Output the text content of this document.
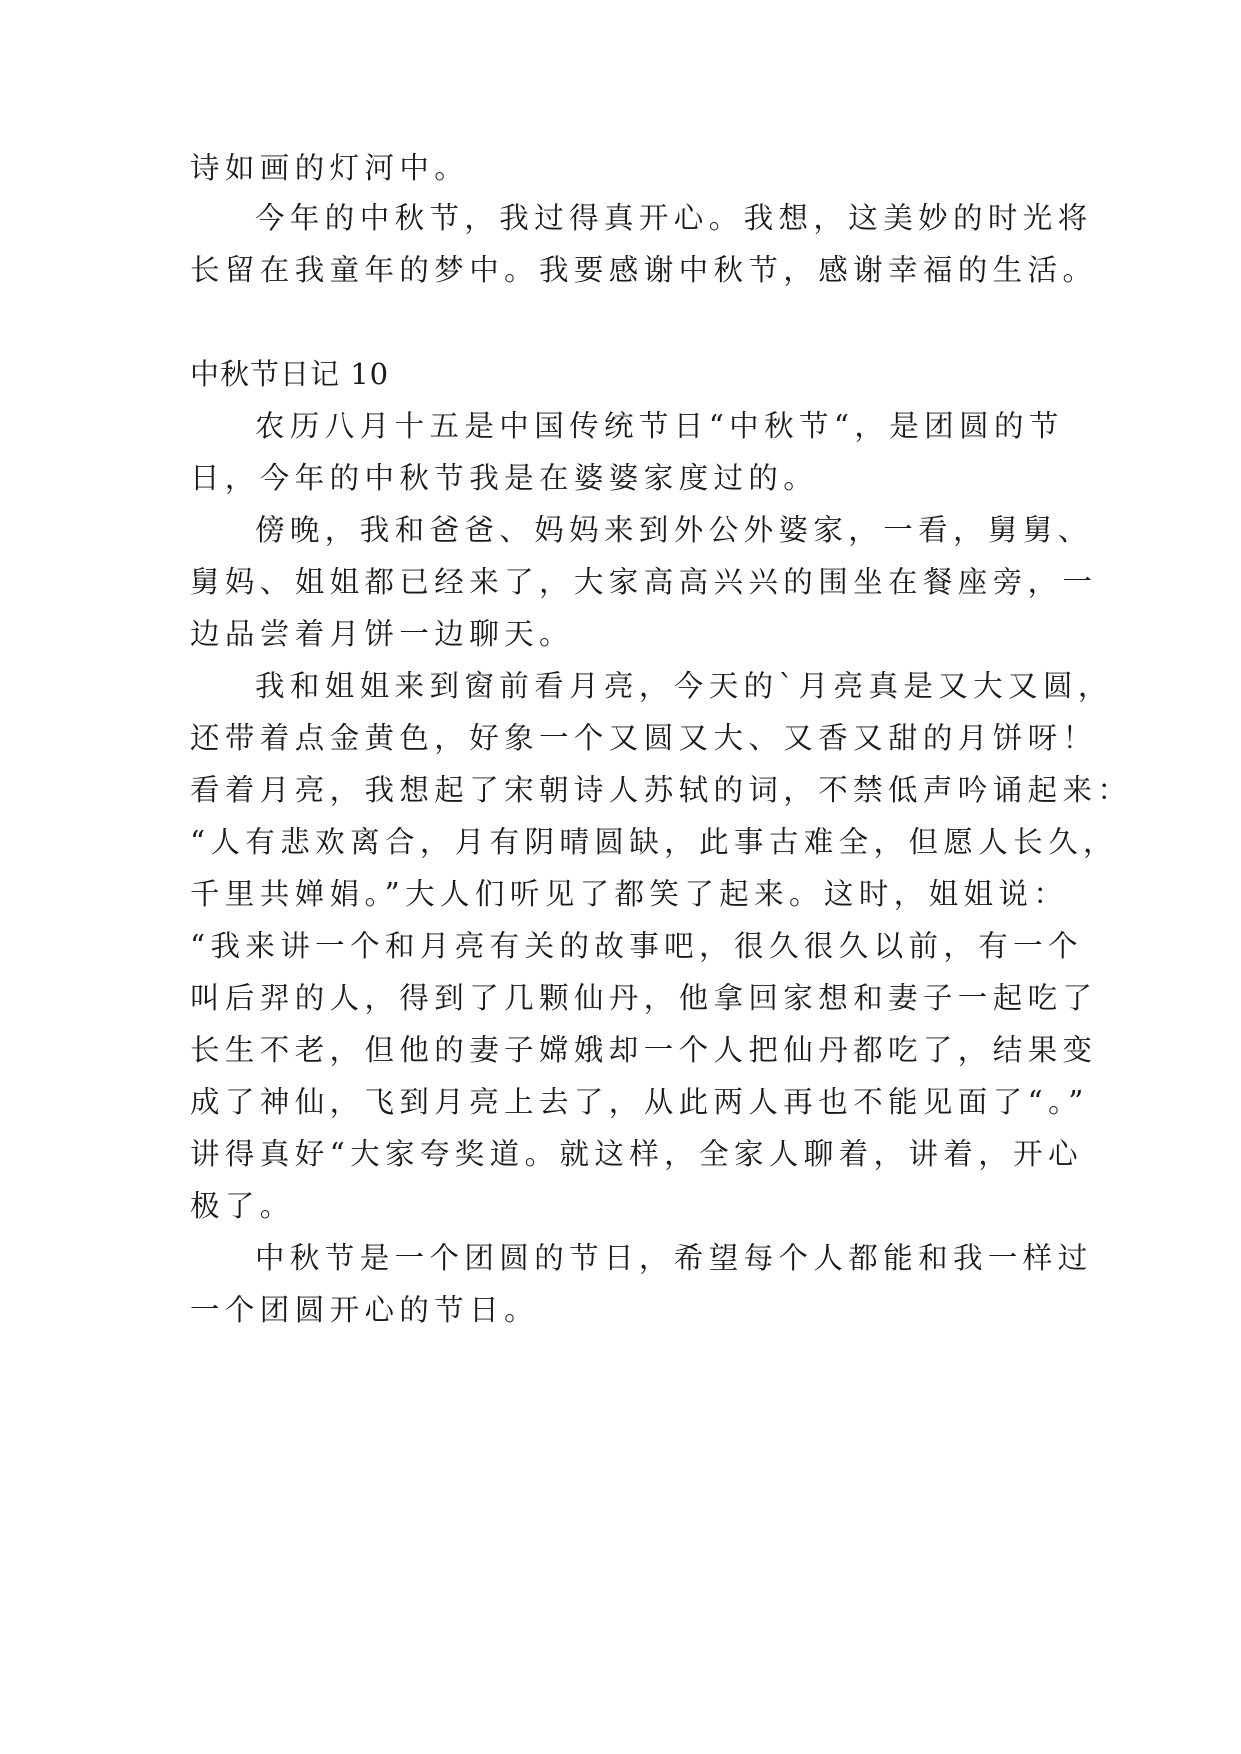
诗如画的灯河中。
今年的中秋节，我过得真开心。我想，这美妙的时光将
长留在我童年的梦中。我要感谢中秋节，感谢幸福的生活。
中秋节日记 10
农历八月十五是中国传统节日“中秋节“，是团圆的节
日，今年的中秋节我是在婆婆家度过的。
傍晚，我和爸爸、妈妈来到外公外婆家，一看，舅舅、
舅妈、姐姐都已经来了，大家高高兴兴的围坐在餐座旁，一
边品尝着月饼一边聊天。
我和姐姐来到窗前看月亮，今天的`月亮真是又大又圆，
还带着点金黄色，好象一个又圆又大、又香又甜的月饼呀！
看着月亮，我想起了宋朝诗人苏轼的词，不禁低声吟诵起来：
“人有悲欢离合，月有阴晴圆缺，此事古难全，但愿人长久，
千里共婵娟。”大人们听见了都笑了起来。这时，姐姐说：
“我来讲一个和月亮有关的故事吧，很久很久以前，有一个
叫后羿的人，得到了几颗仙丹，他拿回家想和妻子一起吃了
长生不老，但他的妻子嫦娥却一个人把仙丹都吃了，结果变
成了神仙，飞到月亮上去了，从此两人再也不能见面了“。”
讲得真好“大家夸奖道。就这样，全家人聊着，讲着，开心
极了。
中秋节是一个团圆的节日，希望每个人都能和我一样过
一个团圆开心的节日。
